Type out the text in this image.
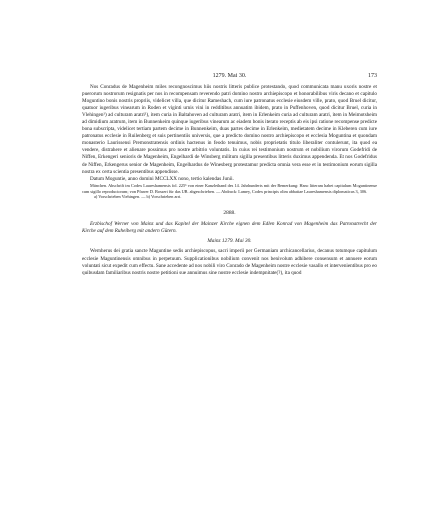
1279. Mai 30.	173

Nos Conradus de Magenheim miles recongnoscimus hiis nostris litteris publice protestando, quod communicata manu uxoris nostre et puerorum nostrorum resignatis per nos in recompensam reverendo patri domino nostro archiepiscopo et honorabilibus viris decano et capitulo Moguntino bonis nostris propriis, videlicet villa, que dicitur Rameshach, cum iure patronatus ecclesie eiusdem ville, prato, quod Bruel dicitur, quatuor iugeribus vinearum in Roden et viginti urnis vini in redditibus annuatim ibidem, prato in Puffenhoven, quod dicitur Bruel, curia in Vlehingen¹) ad culturam aratri¹), item curia in Baltahoven ad culturam aratri, item in Erlenkeim curia ad culturam aratri, item in Meimotsheim ad dimidium aratrum, item in Bunnenkeim quinque iugeribus vinearum ac eiadem bonis iterato receptis ab eis ipsi ratione recompense predicte bona subscripta, videlicet tertiam partem decime in Bunnenkeim, duas partes decime in Erlenkeim, medietatem decime in Kleberen cum iure patronatus ecclesie in Ruilenberg et suis pertinentiis universis, que a predicto domino nostro archiepiscopo et ecclesia Moguntina et quondam monasterio Laurissensi Premonstratensis ordinis hactenus in feodo tenuimus, nobis proprietatis titulo liberaliter contulerunt, ita quod ea vendere, distrahere et alienare possimus pro nostre arbitrio voluntatis. In cuius rei testimonium nostrum et nobilium virorum Godefridi de Niffen, Erkengeri senioris de Magenheim, Engelhardi de Winsberg militum sigilla presentibus litteris duximus appendenda. Et nos Godefridus de Niffen, Erkengerus senior de Magenheim, Engelhardus de Winesberg protestamur predicta omnia vera esse et in testimonium eorum sigilla nostra ex certa scientia presentibus appendisse.

Datum Moguntie, anno domini MCCLXX nono, tertio kalendas Junii.

München. Abschrift im Codex Laureshamensis fol. 225ᵇ von einer Kanzleihand des 14. Jahrhunderts mit der Bemerkung: Hanc litteram habet capitulum Moguntinense cum sigillo reproductorum; von Pfarrer D. Bossert für das UB. abgeschrieben. — Abdruck: Lamey, Codex principis olim abbatiae Laureshamensis diplomaticus 3, 306.

a) Vorschrieben Viehingen. — b) Vorschrieben arri.

2888.

Erzbischof Werner von Mainz und das Kapitel der Mainzer Kirche eignen dem Edlen Konrad von Magenheim das Patronatrecht der Kirche auf dem Ruheiberg mit andern Gütern.

Mainz 1279. Mai 30.

Wernherus dei gratia sancte Maguntine sedis archiepiscopus, sacri imperii per Germaniam archicancellarius, decanus totumque capitulum ecclesie Maguntinensis omnibus in perpetuum. Supplicationibus nobilium convenit nos benivolum adhibere consensum et annuere eorum voluntati sicut expedit cum effectu. Sane accedente ad nos nobili viro Conrado de Magenheim nostre ecclesie vasallo et intervenientibus pro eo quibusdam familiaribus nostris nostre petitioni sue annuimus sine nostre ecclesie indempnitate(?), ita quod
